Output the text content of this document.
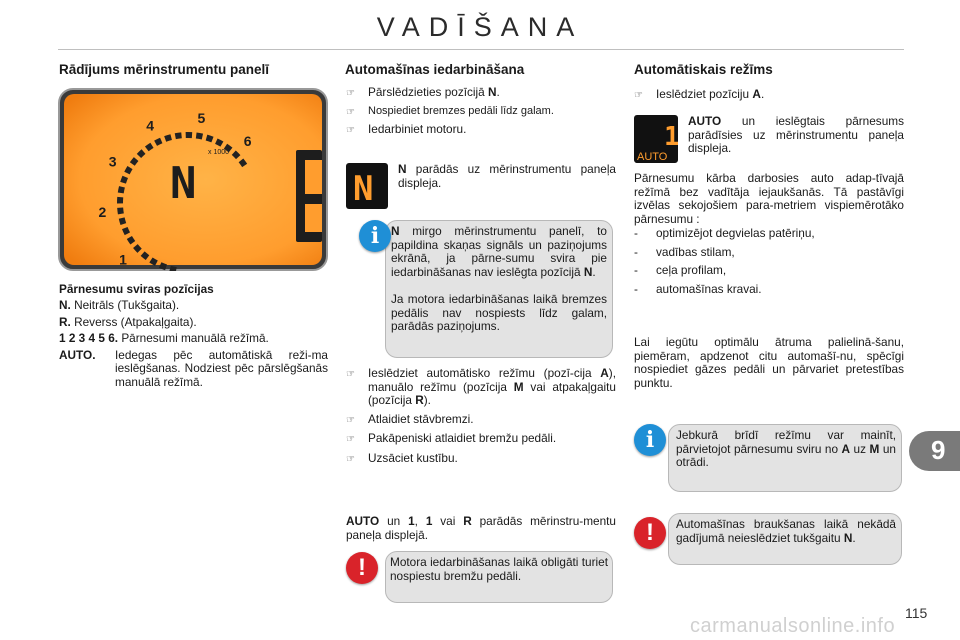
VADĪŠANA
Rādījums mērinstrumentu panelī
x 1000
N
1
2
3
4	5
6
Pārnesumu sviras pozīcijas
N. Neitrāls (Tukšgaita).
R. Reverss (Atpakaļgaita).
1 2 3 4 5 6. Pārnesumi manuālā režīmā.
AUTO.	Iedegas pēc automātiskā reži-ma ieslēgšanas. Nodziest pēc pārslēgšanās manuālā režīmā.
Automašīnas iedarbināšana
☞	Pārslēdzieties pozīcijā N.
☞	Nospiediet bremzes pedāli līdz galam.
☞	Iedarbiniet motoru.
N N parādās uz mērinstrumentu paneļa displeja.
i	N mirgo mērinstrumentu panelī, to papildina skaņas signāls un paziņojums ekrānā, ja pārne-sumu svira pie iedarbināšanas nav ieslēgta pozīcijā N.
Ja motora iedarbināšanas laikā bremzes pedālis nav nospiests līdz galam, parādās paziņojums.
☞	Ieslēdziet automātisko režīmu (pozī-cija A), manuālo režīmu (pozīcija M vai atpakaļgaitu (pozīcija R).
☞	Atlaidiet stāvbremzi.
☞	Pakāpeniski atlaidiet bremžu pedāli.
☞	Uzsāciet kustību.
AUTO un 1, 1 vai R parādās mērinstru-mentu paneļa displejā.
!	Motora iedarbināšanas laikā obligāti turiet nospiestu bremžu pedāli.
Automātiskais režīms
☞	Ieslēdziet pozīciju A.
1
AUTO
AUTO un ieslēgtais pārnesums parādīsies uz mērinstrumentu paneļa displeja.
Pārnesumu kārba darbosies auto adap-tīvajā režīmā bez vadītāja iejaukšanās. Tā pastāvīgi izvēlas sekojošiem para-metriem vispiemērotāko pārnesumu :
-	optimizējot degvielas patēriņu,
-	vadības stilam,
-	ceļa profilam,
-	automašīnas kravai.
Lai iegūtu optimālu ātruma palielinā-šanu, piemēram, apdzenot citu automašī-nu, spēcīgi nospiediet gāzes pedāli un pārvariet pretestības punktu.
i	Jebkurā brīdī režīmu var mainīt, pārvietojot pārnesumu sviru no A uz M un otrādi.
!	Automašīnas braukšanas laikā nekādā gadījumā neieslēdziet tukšgaitu N.
9
115
carmanualsonline.info
